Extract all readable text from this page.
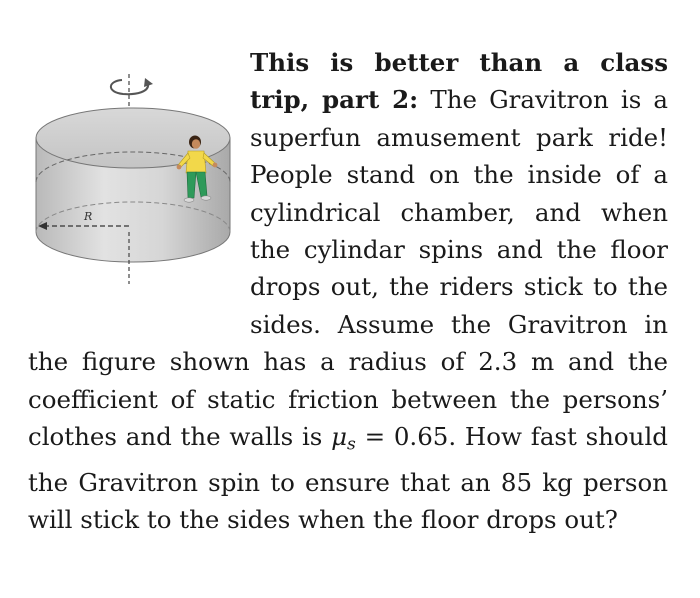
R
This is better than a class trip, part 2: The Gravitron is a superfun amusement park ride! People stand on the inside of a cylindrical chamber, and when the cylindar spins and the floor drops out, the riders stick to the sides. Assume the Gravitron in the figure shown has a radius of 2.3 m and the coefficient of static friction between the persons’ clothes and the walls is $\mu_s = 0.65$. How fast should the Gravitron spin to ensure that an 85 kg person will stick to the sides when the floor drops out?
